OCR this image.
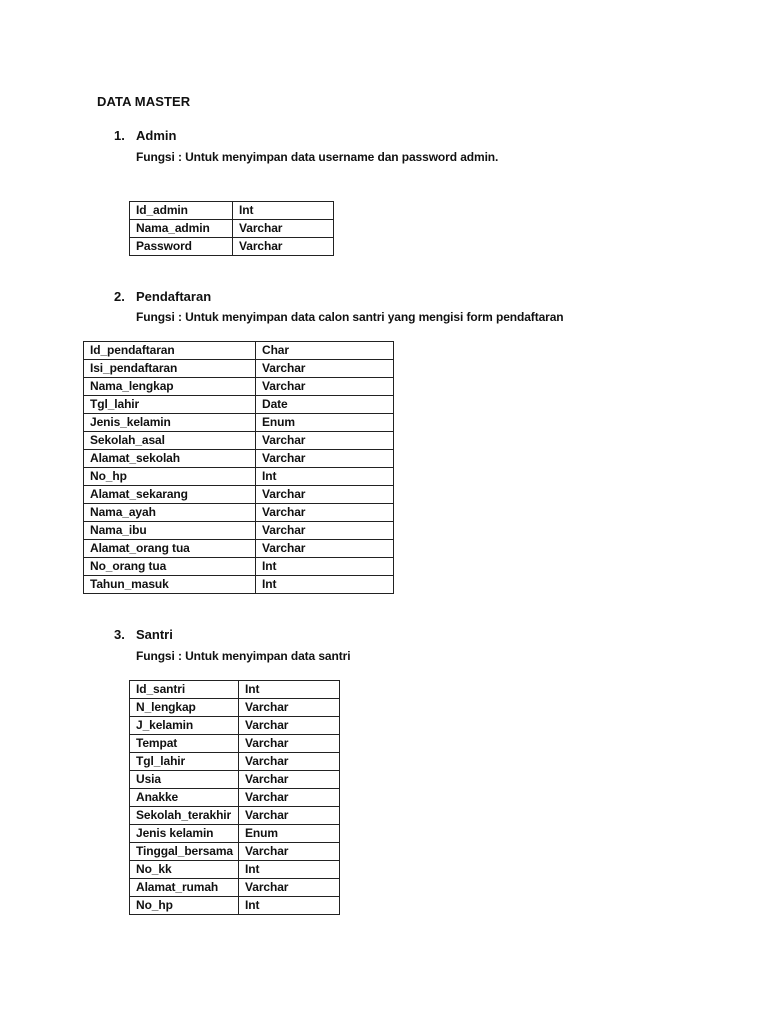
DATA MASTER
1. Admin
Fungsi : Untuk menyimpan data username dan password admin.
Id_admin	Int
Nama_admin	Varchar
Password	Varchar
2. Pendaftaran
Fungsi : Untuk menyimpan data calon santri yang mengisi form pendaftaran
Id_pendaftaran	Char
Isi_pendaftaran	Varchar
Nama_lengkap	Varchar
Tgl_lahir	Date
Jenis_kelamin	Enum
Sekolah_asal	Varchar
Alamat_sekolah	Varchar
No_hp	Int
Alamat_sekarang	Varchar
Nama_ayah	Varchar
Nama_ibu	Varchar
Alamat_orang tua	Varchar
No_orang tua	Int
Tahun_masuk	Int
3. Santri
Fungsi : Untuk menyimpan data santri
Id_santri	Int
N_lengkap	Varchar
J_kelamin	Varchar
Tempat	Varchar
Tgl_lahir	Varchar
Usia	Varchar
Anakke	Varchar
Sekolah_terakhir	Varchar
Jenis kelamin	Enum
Tinggal_bersama	Varchar
No_kk	Int
Alamat_rumah	Varchar
No_hp	Int
